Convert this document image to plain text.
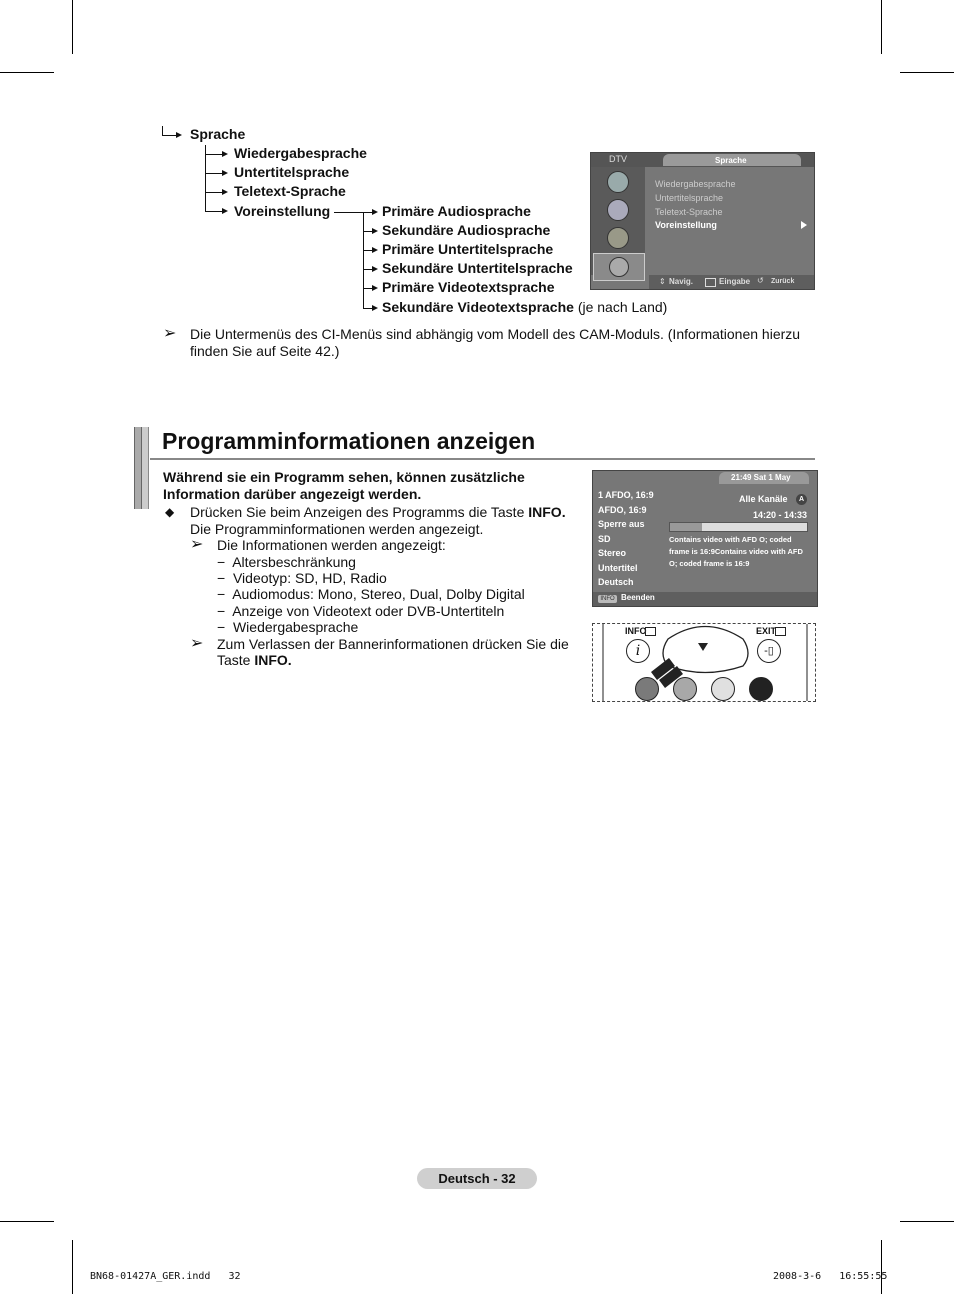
Sprache
Wiedergabesprache
Untertitelsprache
Teletext-Sprache
Voreinstellung	Primäre Audiosprache
Sekundäre Audiosprache
Primäre Untertitelsprache
Sekundäre Untertitelsprache
Primäre Videotextsprache
Sekundäre Videotextsprache (je nach Land)
DTV	Sprache
Wiedergabesprache
Untertitelsprache
Teletext-Sprache
Voreinstellung
⇕ Navig.	Eingabe ↺ Zurück
➢ Die Untermenüs des CI-Menüs sind abhängig vom Modell des CAM-Moduls. (Informationen hierzu finden Sie auf Seite 42.)
Programminformationen anzeigen
Während sie ein Programm sehen, können zusätzliche Information darüber angezeigt werden.
◆ Drücken Sie beim Anzeigen des Programms die Taste INFO.
Die Programminformationen werden angezeigt.
➢ Die Informationen werden angezeigt:
−  Altersbeschränkung
−  Videotyp: SD, HD, Radio
−  Audiomodus: Mono, Stereo, Dual, Dolby Digital
−  Anzeige von Videotext oder DVB-Untertiteln
−  Wiedergabesprache
➢ Zum Verlassen der Bannerinformationen drücken Sie die
Taste INFO.
21:49 Sat 1 May
1 AFDO, 16:9
AFDO, 16:9
Sperre aus
SD
Stereo
Untertitel
Deutsch
Alle Kanäle	A
14:20 - 14:33
Contains video with AFD O; coded frame is 16:9Contains video with AFD O; coded frame is 16:9
INFO Beenden
INFO	EXIT
i	-▯
Deutsch - 32
BN68-01427A_GER.indd   32	2008-3-6   16:55:55
